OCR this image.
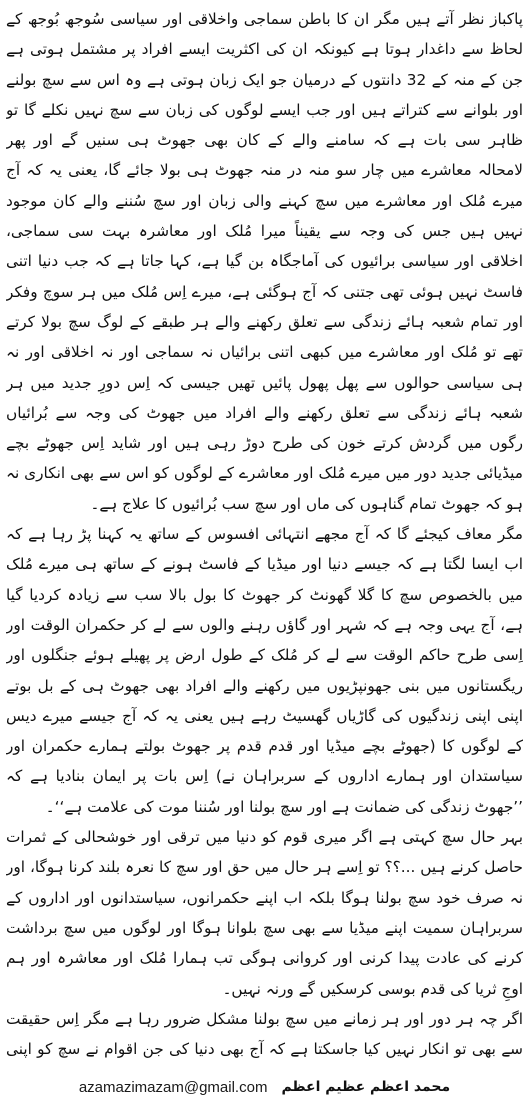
پاکباز نظر آتے ہیں مگر ان کا باطن سماجی واخلاقی اور سیاسی سُوجھ بُوجھ کے لحاظ سے داغدار ہوتا ہے کیونکہ ان کی اکثریت ایسے افراد پر مشتمل ہوتی ہے جن کے منہ کے 32 دانتوں کے درمیان جو ایک زبان ہوتی ہے وہ اس سے سچ بولنے اور بلوانے سے کتراتے ہیں اور جب ایسے لوگوں کی زبان سے سچ نہیں نکلے گا تو ظاہر سی بات ہے کہ سامنے والے کے کان بھی جھوٹ ہی سنیں گے اور پھر لامحالہ معاشرے میں چار سو منہ در منہ جھوٹ ہی بولا جائے گا، یعنی یہ کہ آج میرے مُلک اور معاشرے میں سچ کہنے والی زبان اور سچ سُننے والے کان موجود نہیں ہیں جس کی وجہ سے یقیناً میرا مُلک اور معاشرہ بہت سی سماجی، اخلاقی اور سیاسی برائیوں کی آماجگاہ بن گیا ہے، کہا جاتا ہے کہ جب دنیا اتنی فاسٹ نہیں ہوئی تھی جتنی کہ آج ہوگئی ہے، میرے اِس مُلک میں ہر سوچ وفکر اور تمام شعبہ ہائے زندگی سے تعلق رکھنے والے ہر طبقے کے لوگ سچ بولا کرتے تھے تو مُلک اور معاشرے میں کبھی اتنی برائیاں نہ سماجی اور نہ اخلاقی اور نہ ہی سیاسی حوالوں سے پھل پھول پائیں تھیں جیسی کہ اِس دورِ جدید میں ہر شعبہ ہائے زندگی سے تعلق رکھنے والے افراد میں جھوٹ کی وجہ سے بُرائیاں رگوں میں گردش کرتے خون کی طرح دوڑ رہی ہیں اور شاید اِس جھوٹے بچے میڈیائی جدید دور میں میرے مُلک اور معاشرے کے لوگوں کو اس سے بھی انکاری نہ ہو کہ جھوٹ تمام گناہوں کی ماں اور سچ سب بُرائیوں کا علاج ہے۔

مگر معاف کیجئے گا کہ آج مجھے انتہائی افسوس کے ساتھ یہ کہنا پڑ رہا ہے کہ اب ایسا لگتا ہے کہ جیسے دنیا اور میڈیا کے فاسٹ ہونے کے ساتھ ہی میرے مُلک میں بالخصوص سچ کا گلا گھونٹ کر جھوٹ کا بول بالا سب سے زیادہ کردیا گیا ہے، آج یہی وجہ ہے کہ شہر اور گاؤں رہنے والوں سے لے کر حکمران الوقت اور اِسی طرح حاکم الوقت سے لے کر مُلک کے طول ارض پر پھیلے ہوئے جنگلوں اور ریگستانوں میں بنی جھونپڑیوں میں رکھنے والے افراد بھی جھوٹ ہی کے بل بوتے اپنی اپنی زندگیوں کی گاڑیاں گھسیٹ رہے ہیں یعنی یہ کہ آج جیسے میرے دیس کے لوگوں کا (جھوٹے بچے میڈیا اور قدم قدم پر جھوٹ بولتے ہمارے حکمران اور سیاستدان اور ہمارے اداروں کے سربراہان نے) اِس بات پر ایمان بنادیا ہے کہ ’’جھوٹ زندگی کی ضمانت ہے اور سچ بولنا اور سُننا موت کی علامت ہے‘‘۔

بہر حال سچ کہتی ہے اگر میری قوم کو دنیا میں ترقی اور خوشحالی کے ثمرات حاصل کرنے ہیں ...؟؟ تو اِسے ہر حال میں حق اور سچ کا نعرہ بلند کرنا ہوگا، اور نہ صرف خود سچ بولنا ہوگا بلکہ اب اپنے حکمرانوں، سیاستدانوں اور اداروں کے سربراہان سمیت اپنے میڈیا سے بھی سچ بلوانا ہوگا اور لوگوں میں سچ برداشت کرنے کی عادت پیدا کرنی اور کروانی ہوگی تب ہمارا مُلک اور معاشرہ اور ہم اوجِ ثریا کی قدم بوسی کرسکیں گے ورنہ نہیں۔

اگر چہ ہر دور اور ہر زمانے میں سچ بولنا مشکل ضرور رہا ہے مگر اِس حقیقت سے بھی تو انکار نہیں کیا جاسکتا ہے کہ آج بھی دنیا کی جن اقوام نے سچ کو اپنی

azamazimazam@gmail.com محمد اعظم عظیم اعظم
